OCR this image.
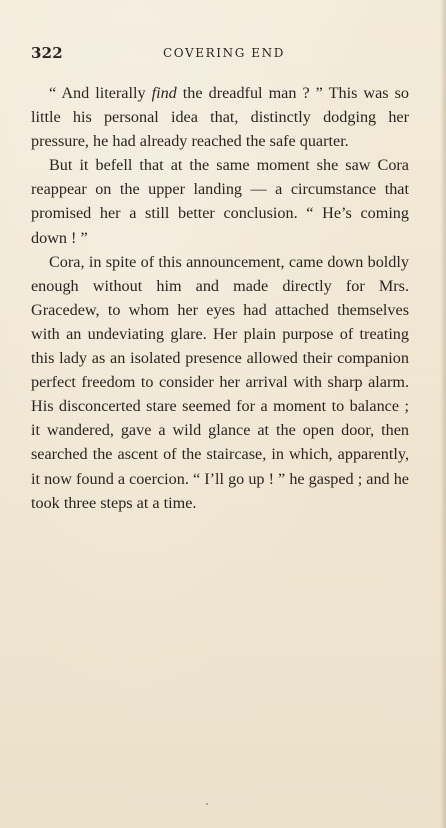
322	COVERING END

“ And literally find the dreadful man ? ” This was so little his personal idea that, distinctly dodging her pressure, he had already reached the safe quarter.

But it befell that at the same moment she saw Cora reappear on the upper landing — a circumstance that promised her a still better conclusion. “ He’s coming down ! ”

Cora, in spite of this announcement, came down boldly enough without him and made directly for Mrs. Gracedew, to whom her eyes had attached themselves with an undeviating glare. Her plain purpose of treating this lady as an isolated presence allowed their companion perfect freedom to consider her arrival with sharp alarm. His disconcerted stare seemed for a moment to balance ; it wandered, gave a wild glance at the open door, then searched the ascent of the staircase, in which, apparently, it now found a coercion. “ I’ll go up ! ” he gasped ; and he took three steps at a time.
